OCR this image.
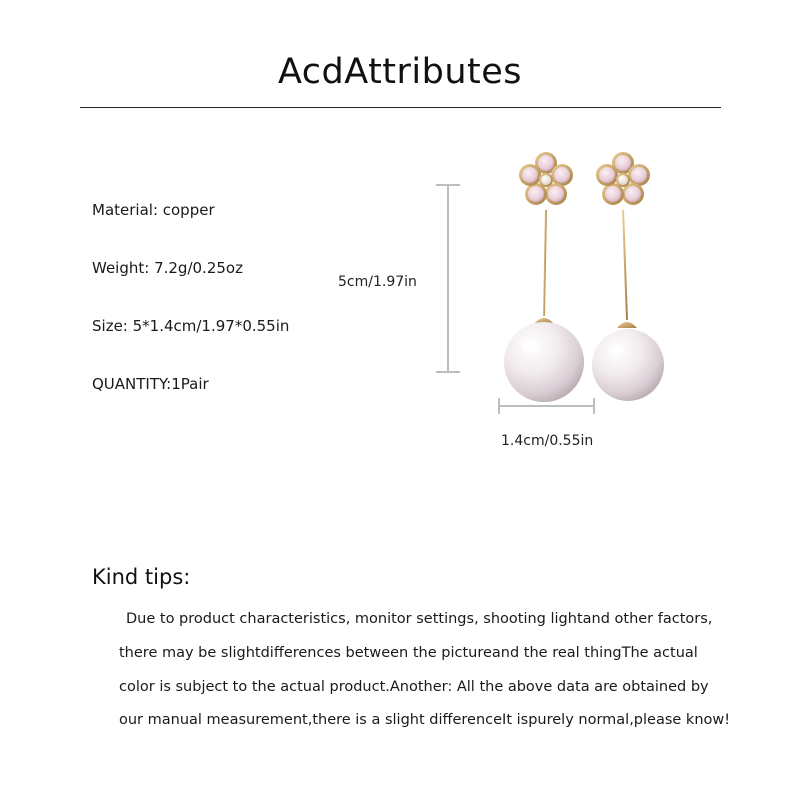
AcdAttributes
Material: copper
Weight: 7.2g/0.25oz
Size: 5*1.4cm/1.97*0.55in
QUANTITY:1Pair
5cm/1.97in
1.4cm/0.55in
Kind tips:
Due to product characteristics, monitor settings, shooting lightand other factors,
there may be slightdifferences between the pictureand the real thingThe actual
color is subject to the actual product.Another: All the above data are obtained by
our manual measurement,there is a slight differenceIt ispurely normal,please know!
